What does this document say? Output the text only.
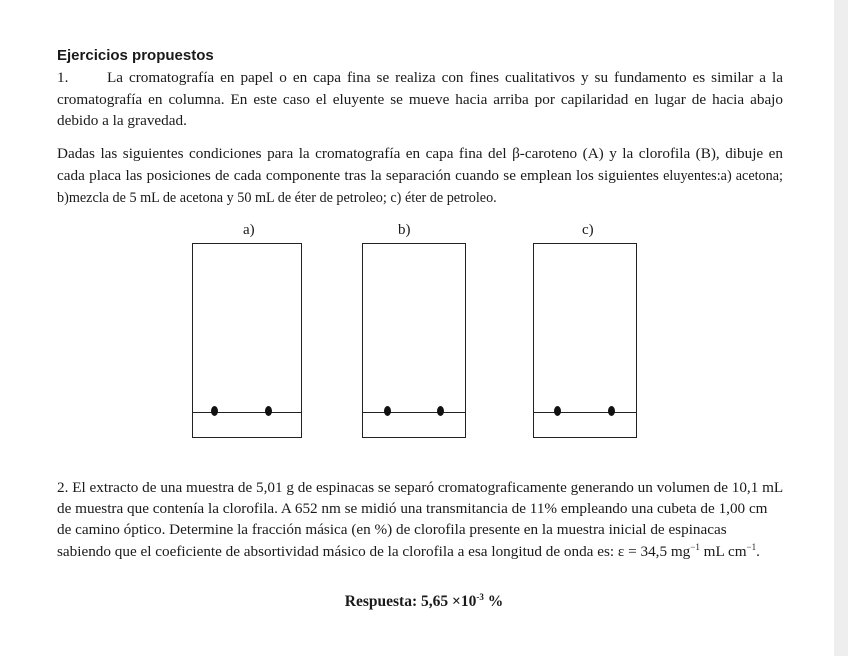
Ejercicios propuestos
1.	La cromatografía en papel o en capa fina se realiza con fines cualitativos y su fundamento es similar a la cromatografía en columna. En este caso el eluyente se mueve hacia arriba por capilaridad en lugar de hacia abajo debido a la gravedad.
Dadas las siguientes condiciones para la cromatografía en capa fina del β-caroteno (A) y la clorofila (B), dibuje en cada placa las posiciones de cada componente tras la separación cuando se emplean los siguientes eluyentes:a) acetona; b)mezcla de 5 mL de acetona y 50 mL de éter de petroleo; c) éter de petroleo.
a)	b)	c)
2. El extracto de una muestra de 5,01 g de espinacas se separó cromatograficamente generando un volumen de 10,1 mL de muestra que contenía la clorofila. A 652 nm se midió una transmitancia de 11% empleando una cubeta de 1,00 cm de camino óptico. Determine la fracción másica (en %) de clorofila presente en la muestra inicial de espinacas sabiendo que el coeficiente de absortividad másico de la clorofila a esa longitud de onda es: ε = 34,5 $mg^{-1}$ mL $cm^{-1}$.
Respuesta: $5,65 \times 10^{-3}$ %
